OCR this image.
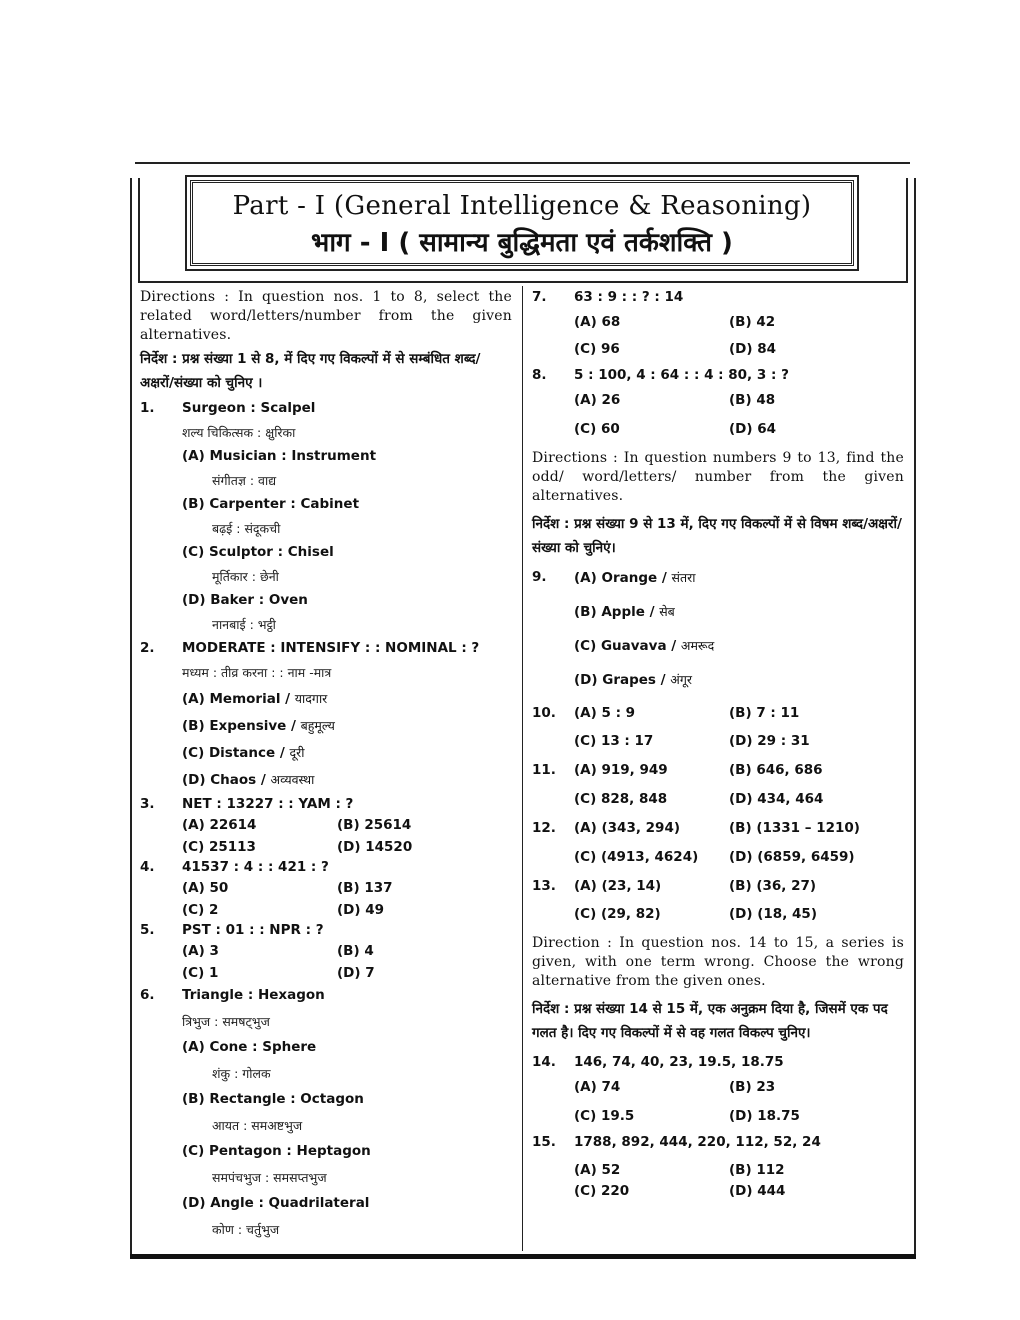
Part - I (General Intelligence & Reasoning)
भाग - I ( सामान्य बुद्धिमता एवं तर्कशक्ति )
Directions : In question nos. 1 to 8, select the related word/letters/number from the given alternatives.
निर्देश : प्रश्न संख्या 1 से 8, में दिए गए विकल्पों में से सम्बंधित शब्द/अक्षरों/संख्या को चुनिए ।
1.	Surgeon : Scalpel
शल्य चिकित्सक : क्षुरिका
(A) Musician : Instrument
संगीतज्ञ : वाद्य
(B) Carpenter : Cabinet
बढ़ई : संदूकची
(C) Sculptor : Chisel
मूर्तिकार : छेनी
(D) Baker : Oven
नानबाई : भट्ठी
2.	MODERATE : INTENSIFY : : NOMINAL : ?
मध्यम : तीव्र करना : : नाम -मात्र
(A) Memorial / यादगार
(B) Expensive / बहुमूल्य
(C) Distance / दूरी
(D) Chaos / अव्यवस्था
3.	NET : 13227 : : YAM : ?
(A) 22614	(B) 25614
(C) 25113	(D) 14520
4.	41537 : 4 : : 421 : ?
(A) 50	(B) 137
(C) 2	(D) 49
5.	PST : 01 : : NPR : ?
(A) 3	(B) 4
(C) 1	(D) 7
6.	Triangle : Hexagon
त्रिभुज : समषट्भुज
(A) Cone : Sphere
शंकु : गोलक
(B) Rectangle : Octagon
आयत : समअष्टभुज
(C) Pentagon : Heptagon
समपंचभुज : समसप्तभुज
(D) Angle : Quadrilateral
कोण : चर्तुभुज
7.	63 : 9 : : ? : 14
(A) 68	(B) 42
(C) 96	(D) 84
8.	5 : 100, 4 : 64 : : 4 : 80, 3 : ?
(A) 26	(B) 48
(C) 60	(D) 64
Directions : In question numbers 9 to 13, find the odd/ word/letters/ number from the given alternatives.
निर्देश : प्रश्न संख्या 9 से 13 में, दिए गए विकल्पों में से विषम शब्द/अक्षरों/संख्या को चुनिएं।
9.	(A) Orange / संतरा
(B) Apple / सेब
(C) Guavava / अमरूद
(D) Grapes / अंगूर
10.	(A) 5 : 9	(B) 7 : 11
(C) 13 : 17	(D) 29 : 31
11.	(A) 919, 949	(B) 646, 686
(C) 828, 848	(D) 434, 464
12.	(A) (343, 294)	(B) (1331 – 1210)
(C) (4913, 4624)	(D) (6859, 6459)
13.	(A) (23, 14)	(B) (36, 27)
(C) (29, 82)	(D) (18, 45)
Direction : In question nos. 14 to 15, a series is given, with one term wrong. Choose the wrong alternative from the given ones.
निर्देश : प्रश्न संख्या 14 से 15 में, एक अनुक्रम दिया है, जिसमें एक पद गलत है। दिए गए विकल्पों में से वह गलत विकल्प चुनिए।
14.	146, 74, 40, 23, 19.5, 18.75
(A) 74	(B) 23
(C) 19.5	(D) 18.75
15.	1788, 892, 444, 220, 112, 52, 24
(A) 52	(B) 112
(C) 220	(D) 444
